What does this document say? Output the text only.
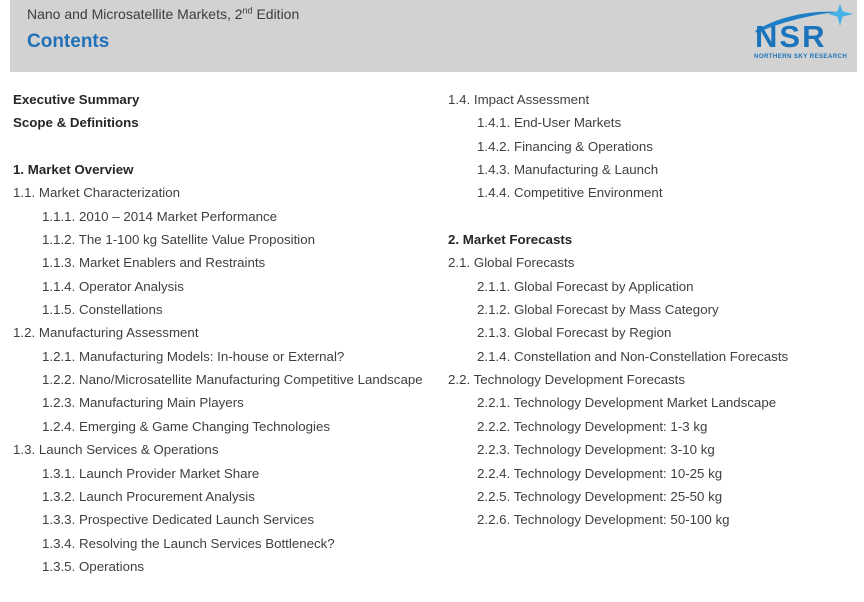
Nano and Microsatellite Markets, 2nd Edition
Contents	NSR
NORTHERN SKY RESEARCH
Executive Summary
Scope & Definitions
1. Market Overview
1.1. Market Characterization
1.1.1. 2010 – 2014 Market Performance
1.1.2. The 1-100 kg Satellite Value Proposition
1.1.3. Market Enablers and Restraints
1.1.4. Operator Analysis
1.1.5. Constellations
1.2. Manufacturing Assessment
1.2.1. Manufacturing Models: In-house or External?
1.2.2. Nano/Microsatellite Manufacturing Competitive Landscape
1.2.3. Manufacturing Main Players
1.2.4. Emerging & Game Changing Technologies
1.3. Launch Services & Operations
1.3.1. Launch Provider Market Share
1.3.2. Launch Procurement Analysis
1.3.3. Prospective Dedicated Launch Services
1.3.4. Resolving the Launch Services Bottleneck?
1.3.5. Operations
1.4. Impact Assessment
1.4.1. End-User Markets
1.4.2. Financing & Operations
1.4.3. Manufacturing & Launch
1.4.4. Competitive Environment
2. Market Forecasts
2.1. Global Forecasts
2.1.1. Global Forecast by Application
2.1.2. Global Forecast by Mass Category
2.1.3. Global Forecast by Region
2.1.4. Constellation and Non-Constellation Forecasts
2.2. Technology Development Forecasts
2.2.1. Technology Development Market Landscape
2.2.2. Technology Development: 1-3 kg
2.2.3. Technology Development: 3-10 kg
2.2.4. Technology Development: 10-25 kg
2.2.5. Technology Development: 25-50 kg
2.2.6. Technology Development: 50-100 kg
